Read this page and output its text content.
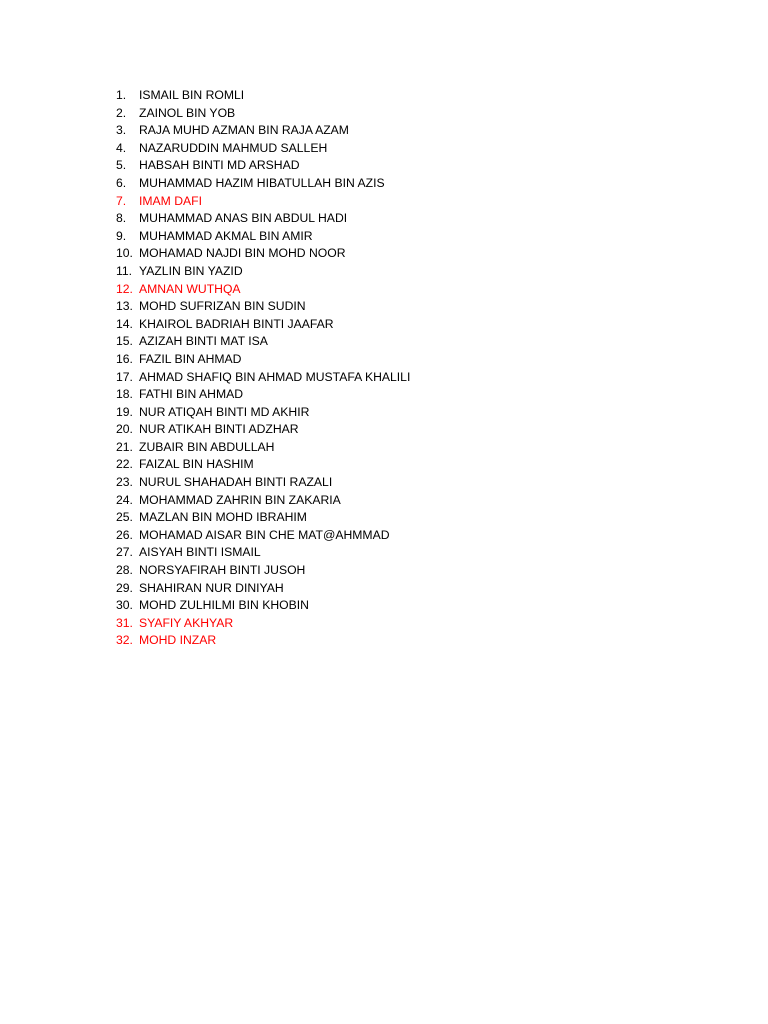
1.	ISMAIL BIN ROMLI
2.	ZAINOL BIN YOB
3.	RAJA MUHD AZMAN BIN RAJA AZAM
4.	NAZARUDDIN MAHMUD SALLEH
5.	HABSAH BINTI MD ARSHAD
6.	MUHAMMAD HAZIM HIBATULLAH BIN AZIS
7.	IMAM DAFI
8.	MUHAMMAD ANAS BIN ABDUL HADI
9.	MUHAMMAD AKMAL BIN AMIR
10. MOHAMAD NAJDI BIN MOHD NOOR
11. YAZLIN BIN YAZID
12. AMNAN WUTHQA
13. MOHD SUFRIZAN BIN SUDIN
14. KHAIROL BADRIAH BINTI JAAFAR
15. AZIZAH BINTI MAT ISA
16. FAZIL BIN AHMAD
17. AHMAD SHAFIQ BIN AHMAD MUSTAFA KHALILI
18. FATHI BIN AHMAD
19. NUR ATIQAH BINTI MD AKHIR
20. NUR ATIKAH BINTI ADZHAR
21. ZUBAIR BIN ABDULLAH
22. FAIZAL BIN HASHIM
23. NURUL SHAHADAH BINTI RAZALI
24. MOHAMMAD ZAHRIN BIN ZAKARIA
25. MAZLAN BIN MOHD IBRAHIM
26. MOHAMAD AISAR BIN CHE MAT@AHMMAD
27. AISYAH BINTI ISMAIL
28. NORSYAFIRAH BINTI JUSOH
29. SHAHIRAN NUR DINIYAH
30. MOHD ZULHILMI BIN KHOBIN
31. SYAFIY AKHYAR
32. MOHD INZAR
